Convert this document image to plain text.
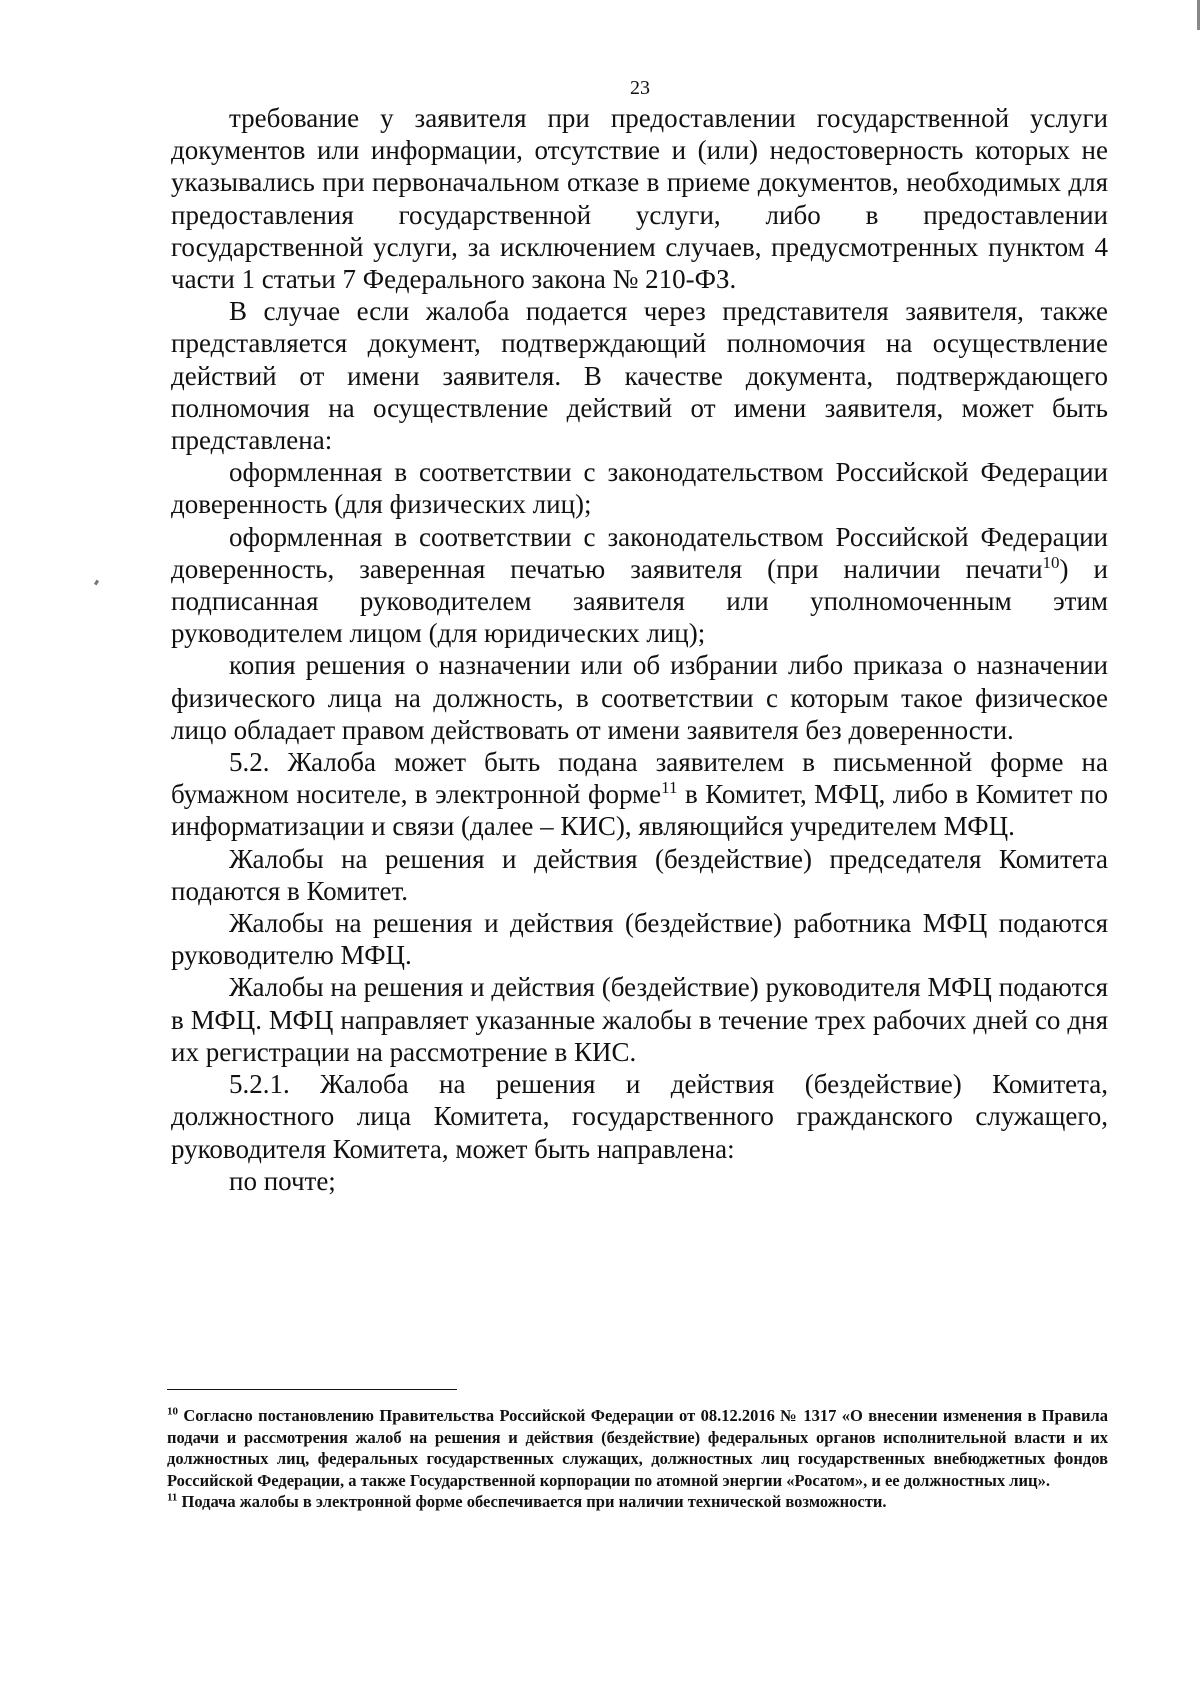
23

требование у заявителя при предоставлении государственной услуги документов или информации, отсутствие и (или) недостоверность которых не указывались при первоначальном отказе в приеме документов, необходимых для предоставления государственной услуги, либо в предоставлении государственной услуги, за исключением случаев, предусмотренных пунктом 4 части 1 статьи 7 Федерального закона № 210-ФЗ.

В случае если жалоба подается через представителя заявителя, также представляется документ, подтверждающий полномочия на осуществление действий от имени заявителя. В качестве документа, подтверждающего полномочия на осуществление действий от имени заявителя, может быть представлена:

оформленная в соответствии с законодательством Российской Федерации доверенность (для физических лиц);

оформленная в соответствии с законодательством Российской Федерации доверенность, заверенная печатью заявителя (при наличии печати$^{10}$) и подписанная руководителем заявителя или уполномоченным этим руководителем лицом (для юридических лиц);

копия решения о назначении или об избрании либо приказа о назначении физического лица на должность, в соответствии с которым такое физическое лицо обладает правом действовать от имени заявителя без доверенности.

5.2. Жалоба может быть подана заявителем в письменной форме на бумажном носителе, в электронной форме$^{11}$ в Комитет, МФЦ, либо в Комитет по информатизации и связи (далее – КИС), являющийся учредителем МФЦ.

Жалобы на решения и действия (бездействие) председателя Комитета подаются в Комитет.

Жалобы на решения и действия (бездействие) работника МФЦ подаются руководителю МФЦ.

Жалобы на решения и действия (бездействие) руководителя МФЦ подаются в МФЦ. МФЦ направляет указанные жалобы в течение трех рабочих дней со дня их регистрации на рассмотрение в КИС.

5.2.1. Жалоба на решения и действия (бездействие) Комитета, должностного лица Комитета, государственного гражданского служащего, руководителя Комитета, может быть направлена:

по почте;

$^{10}$ Согласно постановлению Правительства Российской Федерации от 08.12.2016 № 1317 «О внесении изменения в Правила подачи и рассмотрения жалоб на решения и действия (бездействие) федеральных органов исполнительной власти и их должностных лиц, федеральных государственных служащих, должностных лиц государственных внебюджетных фондов Российской Федерации, а также Государственной корпорации по атомной энергии «Росатом», и ее должностных лиц».

$^{11}$ Подача жалобы в электронной форме обеспечивается при наличии технической возможности.
